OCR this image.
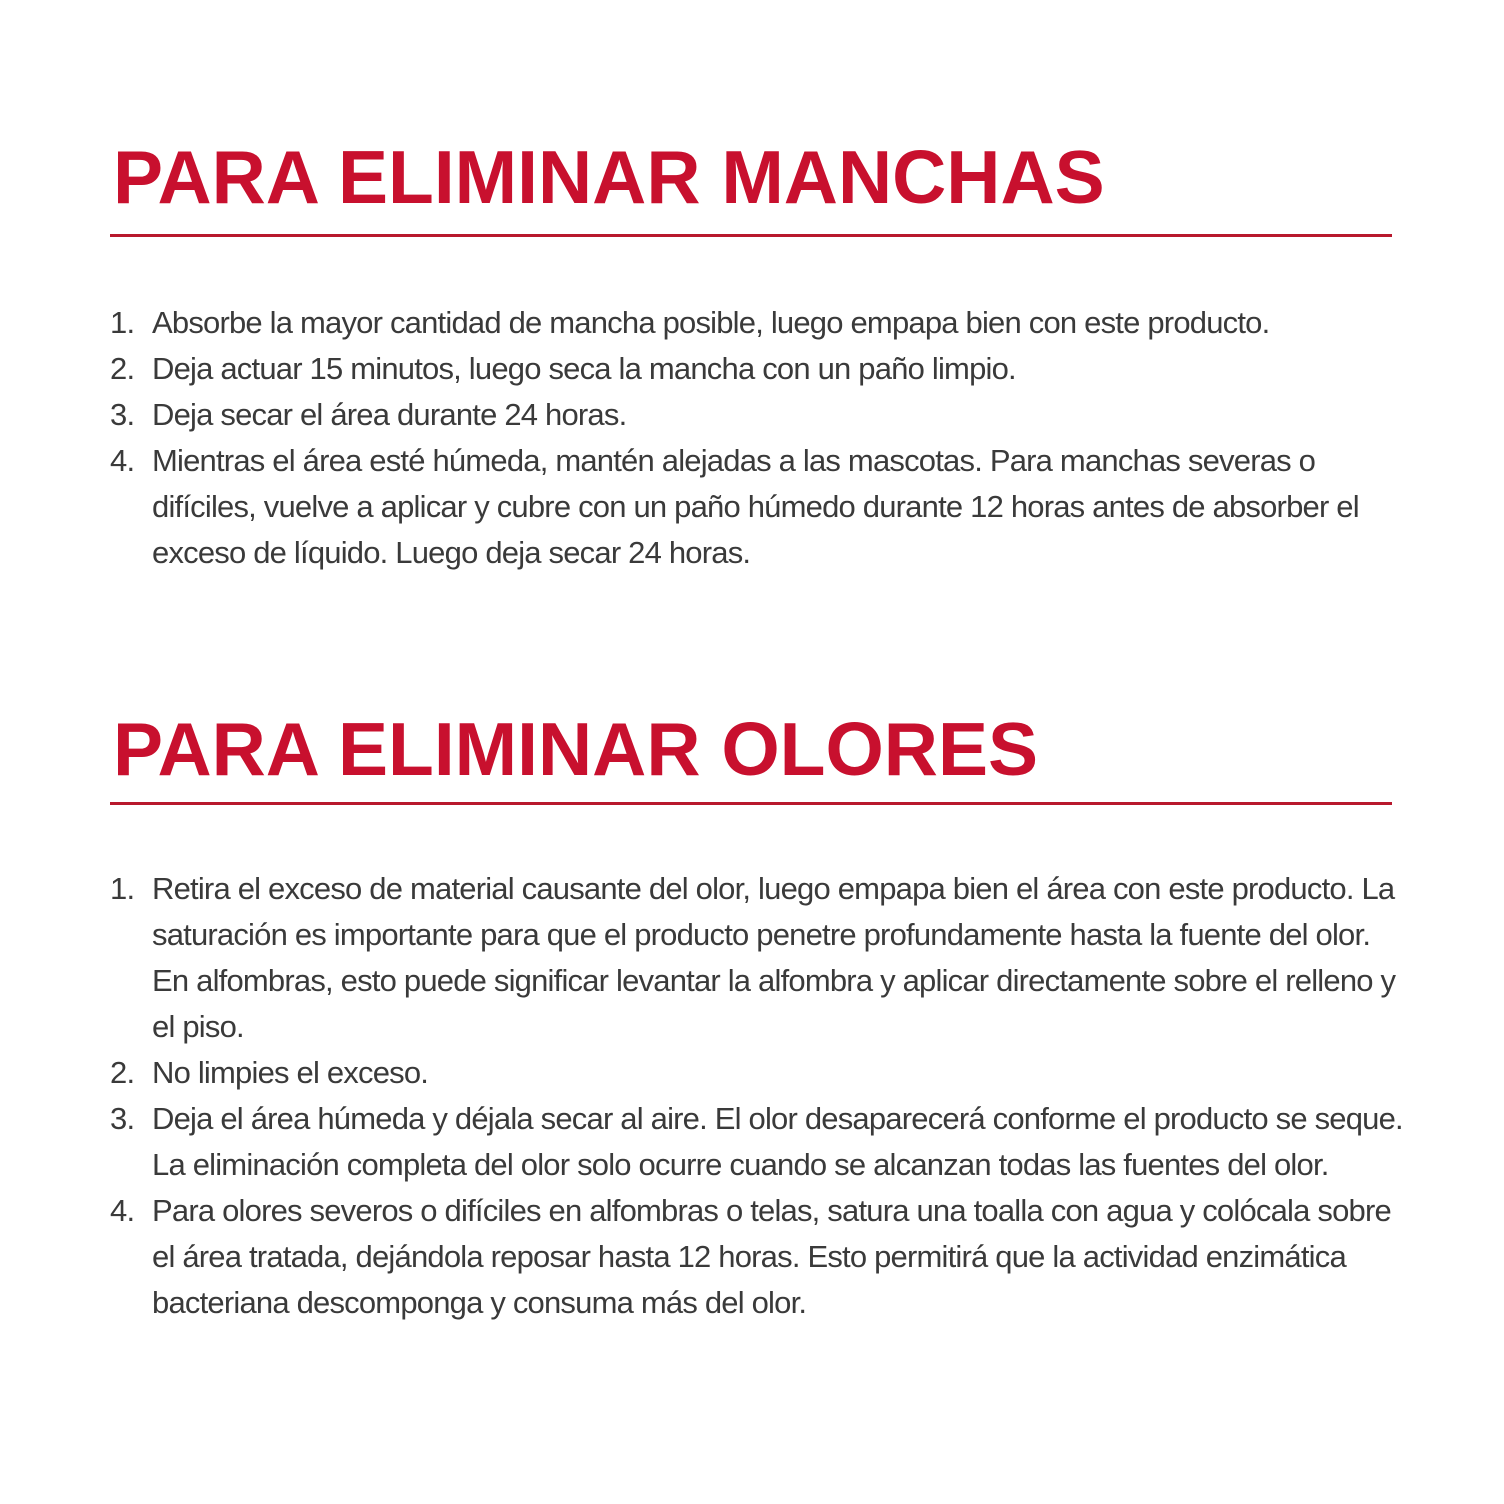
PARA ELIMINAR MANCHAS
1. Absorbe la mayor cantidad de mancha posible, luego empapa bien con este producto.
2. Deja actuar 15 minutos, luego seca la mancha con un paño limpio.
3. Deja secar el área durante 24 horas.
4. Mientras el área esté húmeda, mantén alejadas a las mascotas. Para manchas severas o difíciles, vuelve a aplicar y cubre con un paño húmedo durante 12 horas antes de absorber el exceso de líquido. Luego deja secar 24 horas.
PARA ELIMINAR OLORES
1. Retira el exceso de material causante del olor, luego empapa bien el área con este producto. La saturación es importante para que el producto penetre profundamente hasta la fuente del olor. En alfombras, esto puede significar levantar la alfombra y aplicar directamente sobre el relleno y el piso.
2. No limpies el exceso.
3. Deja el área húmeda y déjala secar al aire. El olor desaparecerá conforme el producto se seque. La eliminación completa del olor solo ocurre cuando se alcanzan todas las fuentes del olor.
4. Para olores severos o difíciles en alfombras o telas, satura una toalla con agua y colócala sobre el área tratada, dejándola reposar hasta 12 horas. Esto permitirá que la actividad enzimática bacteriana descomponga y consuma más del olor.
